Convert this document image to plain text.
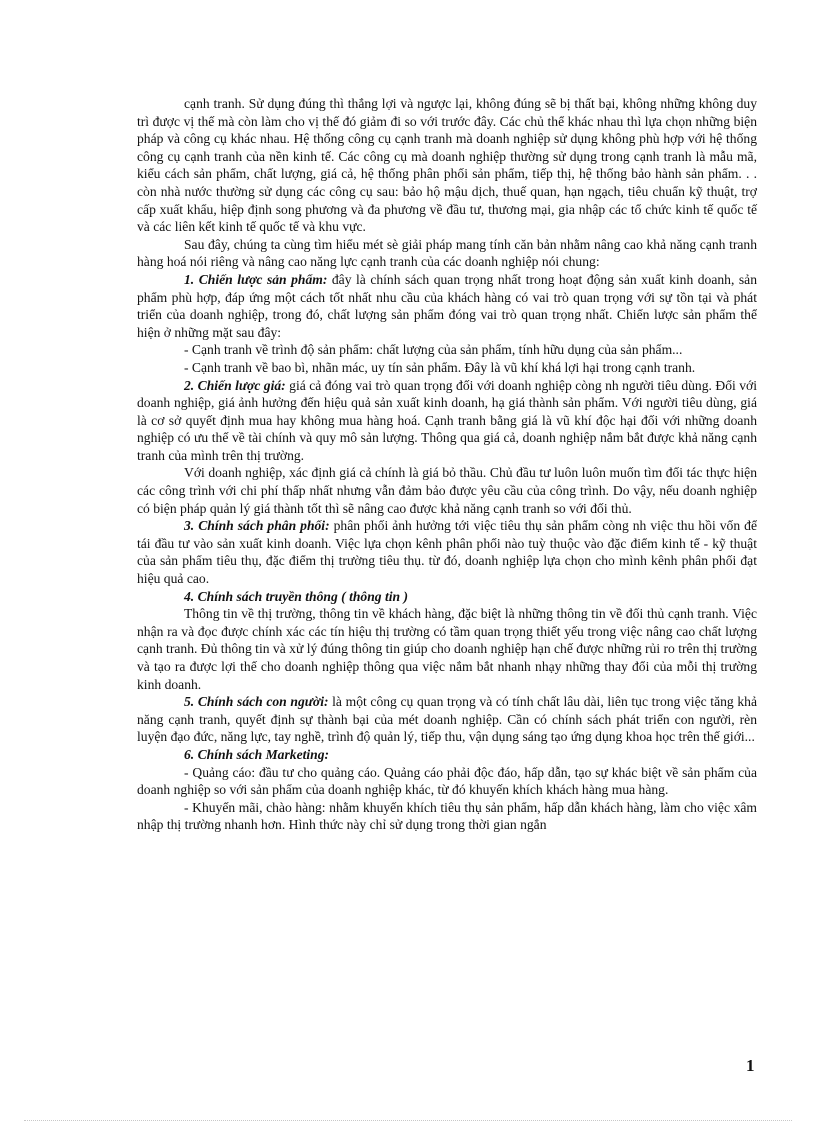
cạnh tranh. Sử dụng đúng thì thắng lợi và ngược lại, không đúng sẽ bị thất bại, không những không duy trì được vị thế mà còn làm cho vị thế đó giảm đi so với trước đây. Các chủ thể khác nhau thì lựa chọn những biện pháp và công cụ khác nhau. Hệ thống công cụ cạnh tranh mà doanh nghiệp sử dụng không phù hợp với hệ thống công cụ cạnh tranh của nền kinh tế. Các công cụ mà doanh nghiệp thường sử dụng trong cạnh tranh là mẫu mã, kiểu cách sản phẩm, chất lượng, giá cả, hệ thống phân phối sản phẩm, tiếp thị, hệ thống bảo hành sản phẩm. . . còn nhà nước thường sử dụng các công cụ sau: bảo hộ mậu dịch, thuế quan, hạn ngạch, tiêu chuẩn kỹ thuật, trợ cấp xuất khẩu, hiệp định song phương và đa phương về đầu tư, thương mại, gia nhập các tổ chức kinh tế quốc tế và các liên kết kinh tế quốc tế và khu vực.

Sau đây, chúng ta cùng tìm hiểu mét sè giải pháp mang tính căn bản nhằm nâng cao khả năng cạnh tranh hàng hoá nói riêng và nâng cao năng lực cạnh tranh của các doanh nghiệp nói chung:

1. Chiến lược sản phẩm: đây là chính sách quan trọng nhất trong hoạt động sản xuất kinh doanh, sản phẩm phù hợp, đáp ứng một cách tốt nhất nhu cầu của khách hàng có vai trò quan trọng với sự tồn tại và phát triển của doanh nghiệp, trong đó, chất lượng sản phẩm đóng vai trò quan trọng nhất. Chiến lược sản phẩm thể hiện ở những mặt sau đây:

- Cạnh tranh về trình độ sản phẩm: chất lượng của sản phẩm, tính hữu dụng của sản phẩm...

- Cạnh tranh về bao bì, nhãn mác, uy tín sản phẩm. Đây là vũ khí khá lợi hại trong cạnh tranh.

2. Chiến lược giá: giá cả đóng vai trò quan trọng đối với doanh nghiệp còng nh người tiêu dùng. Đối với doanh nghiệp, giá ảnh hưởng đến hiệu quả sản xuất kinh doanh, hạ giá thành sản phẩm. Với người tiêu dùng, giá là cơ sở quyết định mua hay không mua hàng hoá. Cạnh tranh bằng giá là vũ khí độc hại đối với những doanh nghiệp có ưu thế về tài chính và quy mô sản lượng. Thông qua giá cả, doanh nghiệp nắm bắt được khả năng cạnh tranh của mình trên thị trường.

Với doanh nghiệp, xác định giá cả chính là giá bỏ thầu. Chủ đầu tư luôn luôn muốn tìm đối tác thực hiện các công trình với chi phí thấp nhất nhưng vẫn đảm bảo được yêu cầu của công trình. Do vậy, nếu doanh nghiệp có biện pháp quản lý giá thành tốt thì sẽ nâng cao được khả năng cạnh tranh so với đối thủ.

3. Chính sách phân phối: phân phối ảnh hưởng tới việc tiêu thụ sản phẩm còng nh việc thu hồi vốn để tái đầu tư vào sản xuất kinh doanh. Việc lựa chọn kênh phân phối nào tuỳ thuộc vào đặc điểm kinh tế - kỹ thuật của sản phẩm tiêu thụ, đặc điểm thị trường tiêu thụ. từ đó, doanh nghiệp lựa chọn cho mình kênh phân phối đạt hiệu quả cao.

4. Chính sách truyền thông ( thông tin )

Thông tin về thị trường, thông tin về khách hàng, đặc biệt là những thông tin về đối thủ cạnh tranh. Việc nhận ra và đọc được chính xác các tín hiệu thị trường có tầm quan trọng thiết yếu trong việc nâng cao chất lượng cạnh tranh. Đủ thông tin và xử lý đúng thông tin giúp cho doanh nghiệp hạn chế được những rủi ro trên thị trường và tạo ra được lợi thế cho doanh nghiệp thông qua việc nắm bắt nhanh nhạy những thay đổi của mỗi thị trường kinh doanh.

5. Chính sách con người: là một công cụ quan trọng và có tính chất lâu dài, liên tục trong việc tăng khả năng cạnh tranh, quyết định sự thành bại của mét doanh nghiệp. Cần có chính sách phát triển con người, rèn luyện đạo đức, năng lực, tay nghề, trình độ quản lý, tiếp thu, vận dụng sáng tạo ứng dụng khoa học trên thế giới...

6. Chính sách Marketing:

- Quảng cáo: đầu tư cho quảng cáo. Quảng cáo phải độc đáo, hấp dẫn, tạo sự khác biệt về sản phẩm của doanh nghiệp so với sản phẩm của doanh nghiệp khác, từ đó khuyến khích khách hàng mua hàng.

- Khuyến mãi, chào hàng: nhằm khuyến khích tiêu thụ sản phẩm, hấp dẫn khách hàng, làm cho việc xâm nhập thị trường nhanh hơn. Hình thức này chỉ sử dụng trong thời gian ngắn

1
